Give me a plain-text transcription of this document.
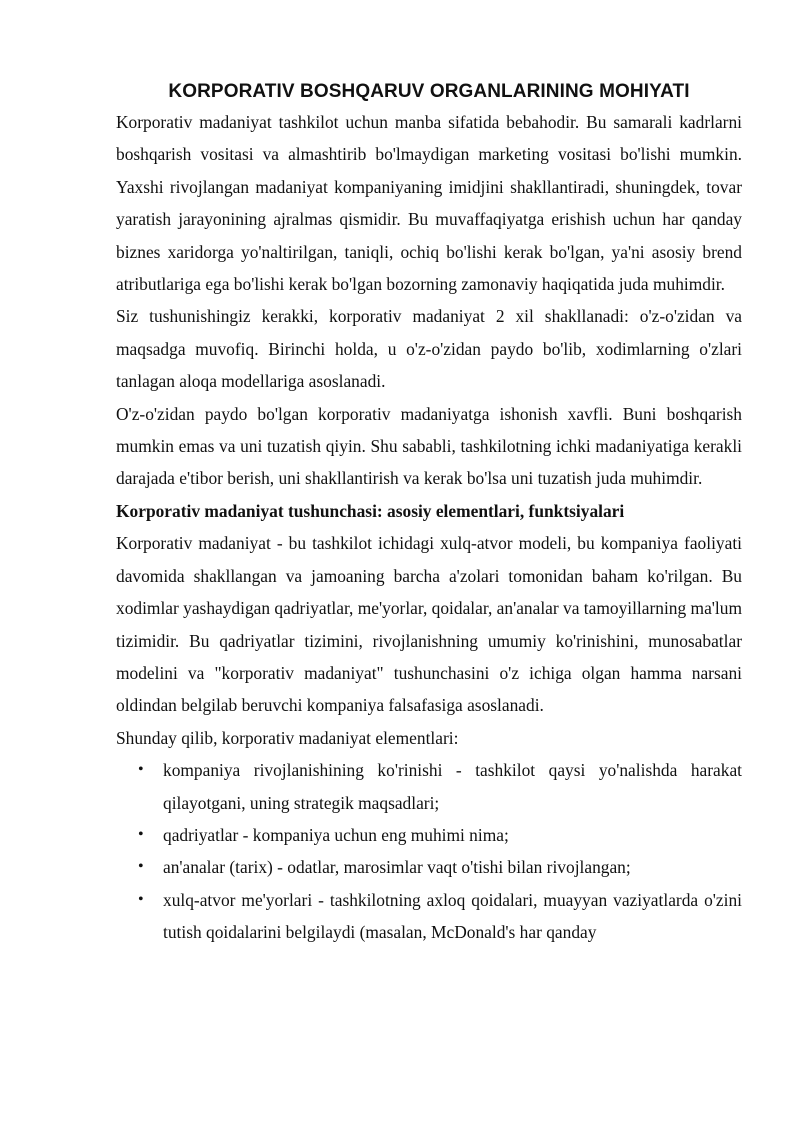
KORPORATIV BOSHQARUV ORGANLARINING MOHIYATI

Korporativ madaniyat tashkilot uchun manba sifatida bebahodir. Bu samarali kadrlarni boshqarish vositasi va almashtirib bo'lmaydigan marketing vositasi bo'lishi mumkin. Yaxshi rivojlangan madaniyat kompaniyaning imidjini shakllantiradi, shuningdek, tovar yaratish jarayonining ajralmas qismidir. Bu muvaffaqiyatga erishish uchun har qanday biznes xaridorga yo'naltirilgan, taniqli, ochiq bo'lishi kerak bo'lgan, ya'ni asosiy brend atributlariga ega bo'lishi kerak bo'lgan bozorning zamonaviy haqiqatida juda muhimdir.

Siz tushunishingiz kerakki, korporativ madaniyat 2 xil shakllanadi: o'z-o'zidan va maqsadga muvofiq. Birinchi holda, u o'z-o'zidan paydo bo'lib, xodimlarning o'zlari tanlagan aloqa modellariga asoslanadi.

O'z-o'zidan paydo bo'lgan korporativ madaniyatga ishonish xavfli. Buni boshqarish mumkin emas va uni tuzatish qiyin. Shu sababli, tashkilotning ichki madaniyatiga kerakli darajada e'tibor berish, uni shakllantirish va kerak bo'lsa uni tuzatish juda muhimdir.

Korporativ madaniyat tushunchasi: asosiy elementlari, funktsiyalari

Korporativ madaniyat - bu tashkilot ichidagi xulq-atvor modeli, bu kompaniya faoliyati davomida shakllangan va jamoaning barcha a'zolari tomonidan baham ko'rilgan. Bu xodimlar yashaydigan qadriyatlar, me'yorlar, qoidalar, an'analar va tamoyillarning ma'lum tizimidir. Bu qadriyatlar tizimini, rivojlanishning umumiy ko'rinishini, munosabatlar modelini va "korporativ madaniyat" tushunchasini o'z ichiga olgan hamma narsani oldindan belgilab beruvchi kompaniya falsafasiga asoslanadi.

Shunday qilib, korporativ madaniyat elementlari:

• kompaniya rivojlanishining ko'rinishi - tashkilot qaysi yo'nalishda harakat qilayotgani, uning strategik maqsadlari;
• qadriyatlar - kompaniya uchun eng muhimi nima;
• an'analar (tarix) - odatlar, marosimlar vaqt o'tishi bilan rivojlangan;
• xulq-atvor me'yorlari - tashkilotning axloq qoidalari, muayyan vaziyatlarda o'zini tutish qoidalarini belgilaydi (masalan, McDonald's har qanday
